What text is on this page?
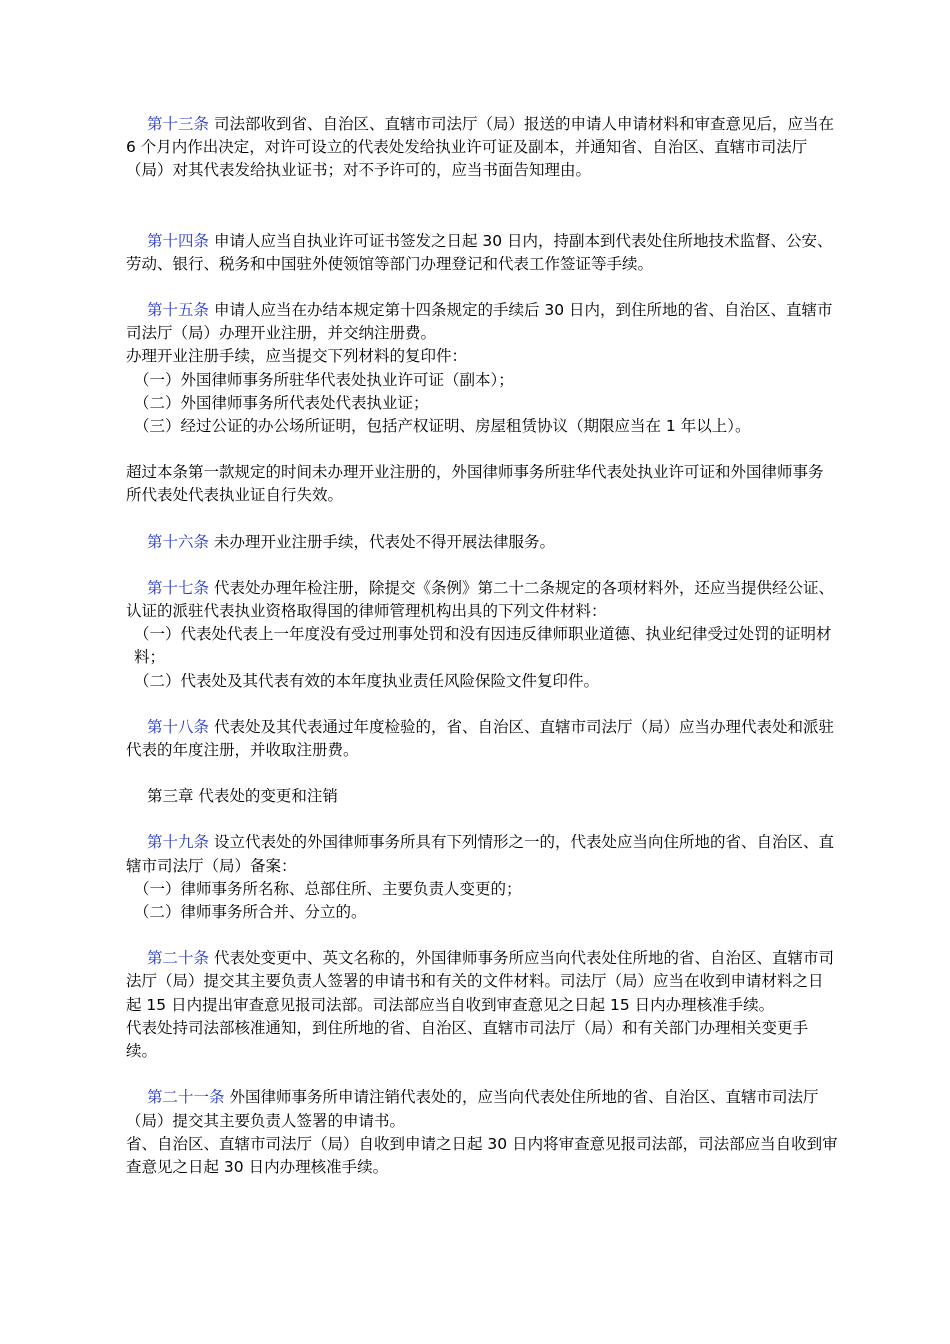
第十三条 司法部收到省、自治区、直辖市司法厅（局）报送的申请人申请材料和审查意见后，应当在 6 个月内作出决定，对许可设立的代表处发给执业许可证及副本，并通知省、自治区、直辖市司法厅（局）对其代表发给执业证书；对不予许可的，应当书面告知理由。

第十四条 申请人应当自执业许可证书签发之日起 30 日内，持副本到代表处住所地技术监督、公安、劳动、银行、税务和中国驻外使领馆等部门办理登记和代表工作签证等手续。

第十五条 申请人应当在办结本规定第十四条规定的手续后 30 日内，到住所地的省、自治区、直辖市司法厅（局）办理开业注册，并交纳注册费。

办理开业注册手续，应当提交下列材料的复印件：

（一）外国律师事务所驻华代表处执业许可证（副本）；

（二）外国律师事务所代表处代表执业证；

（三）经过公证的办公场所证明，包括产权证明、房屋租赁协议（期限应当在 1 年以上）。

超过本条第一款规定的时间未办理开业注册的，外国律师事务所驻华代表处执业许可证和外国律师事务所代表处代表执业证自行失效。

第十六条 未办理开业注册手续，代表处不得开展法律服务。

第十七条 代表处办理年检注册，除提交《条例》第二十二条规定的各项材料外，还应当提供经公证、认证的派驻代表执业资格取得国的律师管理机构出具的下列文件材料：

（一）代表处代表上一年度没有受过刑事处罚和没有因违反律师职业道德、执业纪律受过处罚的证明材料；

（二）代表处及其代表有效的本年度执业责任风险保险文件复印件。

第十八条 代表处及其代表通过年度检验的，省、自治区、直辖市司法厅（局）应当办理代表处和派驻代表的年度注册，并收取注册费。

第三章 代表处的变更和注销

第十九条 设立代表处的外国律师事务所具有下列情形之一的，代表处应当向住所地的省、自治区、直辖市司法厅（局）备案：

（一）律师事务所名称、总部住所、主要负责人变更的；

（二）律师事务所合并、分立的。

第二十条 代表处变更中、英文名称的，外国律师事务所应当向代表处住所地的省、自治区、直辖市司法厅（局）提交其主要负责人签署的申请书和有关的文件材料。司法厅（局）应当在收到申请材料之日起 15 日内提出审查意见报司法部。司法部应当自收到审查意见之日起 15 日内办理核准手续。

代表处持司法部核准通知，到住所地的省、自治区、直辖市司法厅（局）和有关部门办理相关变更手续。

第二十一条 外国律师事务所申请注销代表处的，应当向代表处住所地的省、自治区、直辖市司法厅（局）提交其主要负责人签署的申请书。

省、自治区、直辖市司法厅（局）自收到申请之日起 30 日内将审查意见报司法部，司法部应当自收到审查意见之日起 30 日内办理核准手续。
